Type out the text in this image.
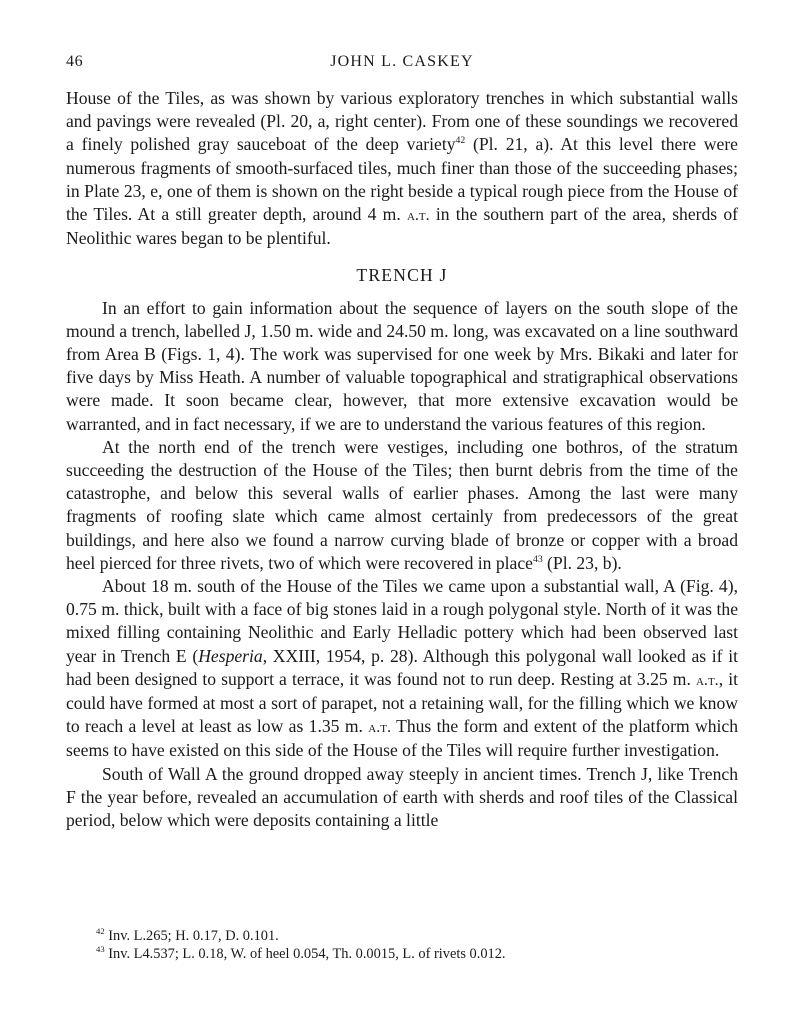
46	JOHN L. CASKEY

House of the Tiles, as was shown by various exploratory trenches in which substantial walls and pavings were revealed (Pl. 20, a, right center). From one of these soundings we recovered a finely polished gray sauceboat of the deep variety$^{42}$ (Pl. 21, a). At this level there were numerous fragments of smooth-surfaced tiles, much finer than those of the succeeding phases; in Plate 23, e, one of them is shown on the right beside a typical rough piece from the House of the Tiles. At a still greater depth, around 4 m. a.t. in the southern part of the area, sherds of Neolithic wares began to be plentiful.

TRENCH J

In an effort to gain information about the sequence of layers on the south slope of the mound a trench, labelled J, 1.50 m. wide and 24.50 m. long, was excavated on a line southward from Area B (Figs. 1, 4). The work was supervised for one week by Mrs. Bikaki and later for five days by Miss Heath. A number of valuable topographical and stratigraphical observations were made. It soon became clear, however, that more extensive excavation would be warranted, and in fact necessary, if we are to understand the various features of this region.

At the north end of the trench were vestiges, including one bothros, of the stratum succeeding the destruction of the House of the Tiles; then burnt debris from the time of the catastrophe, and below this several walls of earlier phases. Among the last were many fragments of roofing slate which came almost certainly from predecessors of the great buildings, and here also we found a narrow curving blade of bronze or copper with a broad heel pierced for three rivets, two of which were recovered in place$^{43}$ (Pl. 23, b).

About 18 m. south of the House of the Tiles we came upon a substantial wall, A (Fig. 4), 0.75 m. thick, built with a face of big stones laid in a rough polygonal style. North of it was the mixed filling containing Neolithic and Early Helladic pottery which had been observed last year in Trench E (Hesperia, XXIII, 1954, p. 28). Although this polygonal wall looked as if it had been designed to support a terrace, it was found not to run deep. Resting at 3.25 m. a.t., it could have formed at most a sort of parapet, not a retaining wall, for the filling which we know to reach a level at least as low as 1.35 m. a.t. Thus the form and extent of the platform which seems to have existed on this side of the House of the Tiles will require further investigation.

South of Wall A the ground dropped away steeply in ancient times. Trench J, like Trench F the year before, revealed an accumulation of earth with sherds and roof tiles of the Classical period, below which were deposits containing a little

$^{42}$ Inv. L.265; H. 0.17, D. 0.101.

$^{43}$ Inv. L4.537; L. 0.18, W. of heel 0.054, Th. 0.0015, L. of rivets 0.012.
